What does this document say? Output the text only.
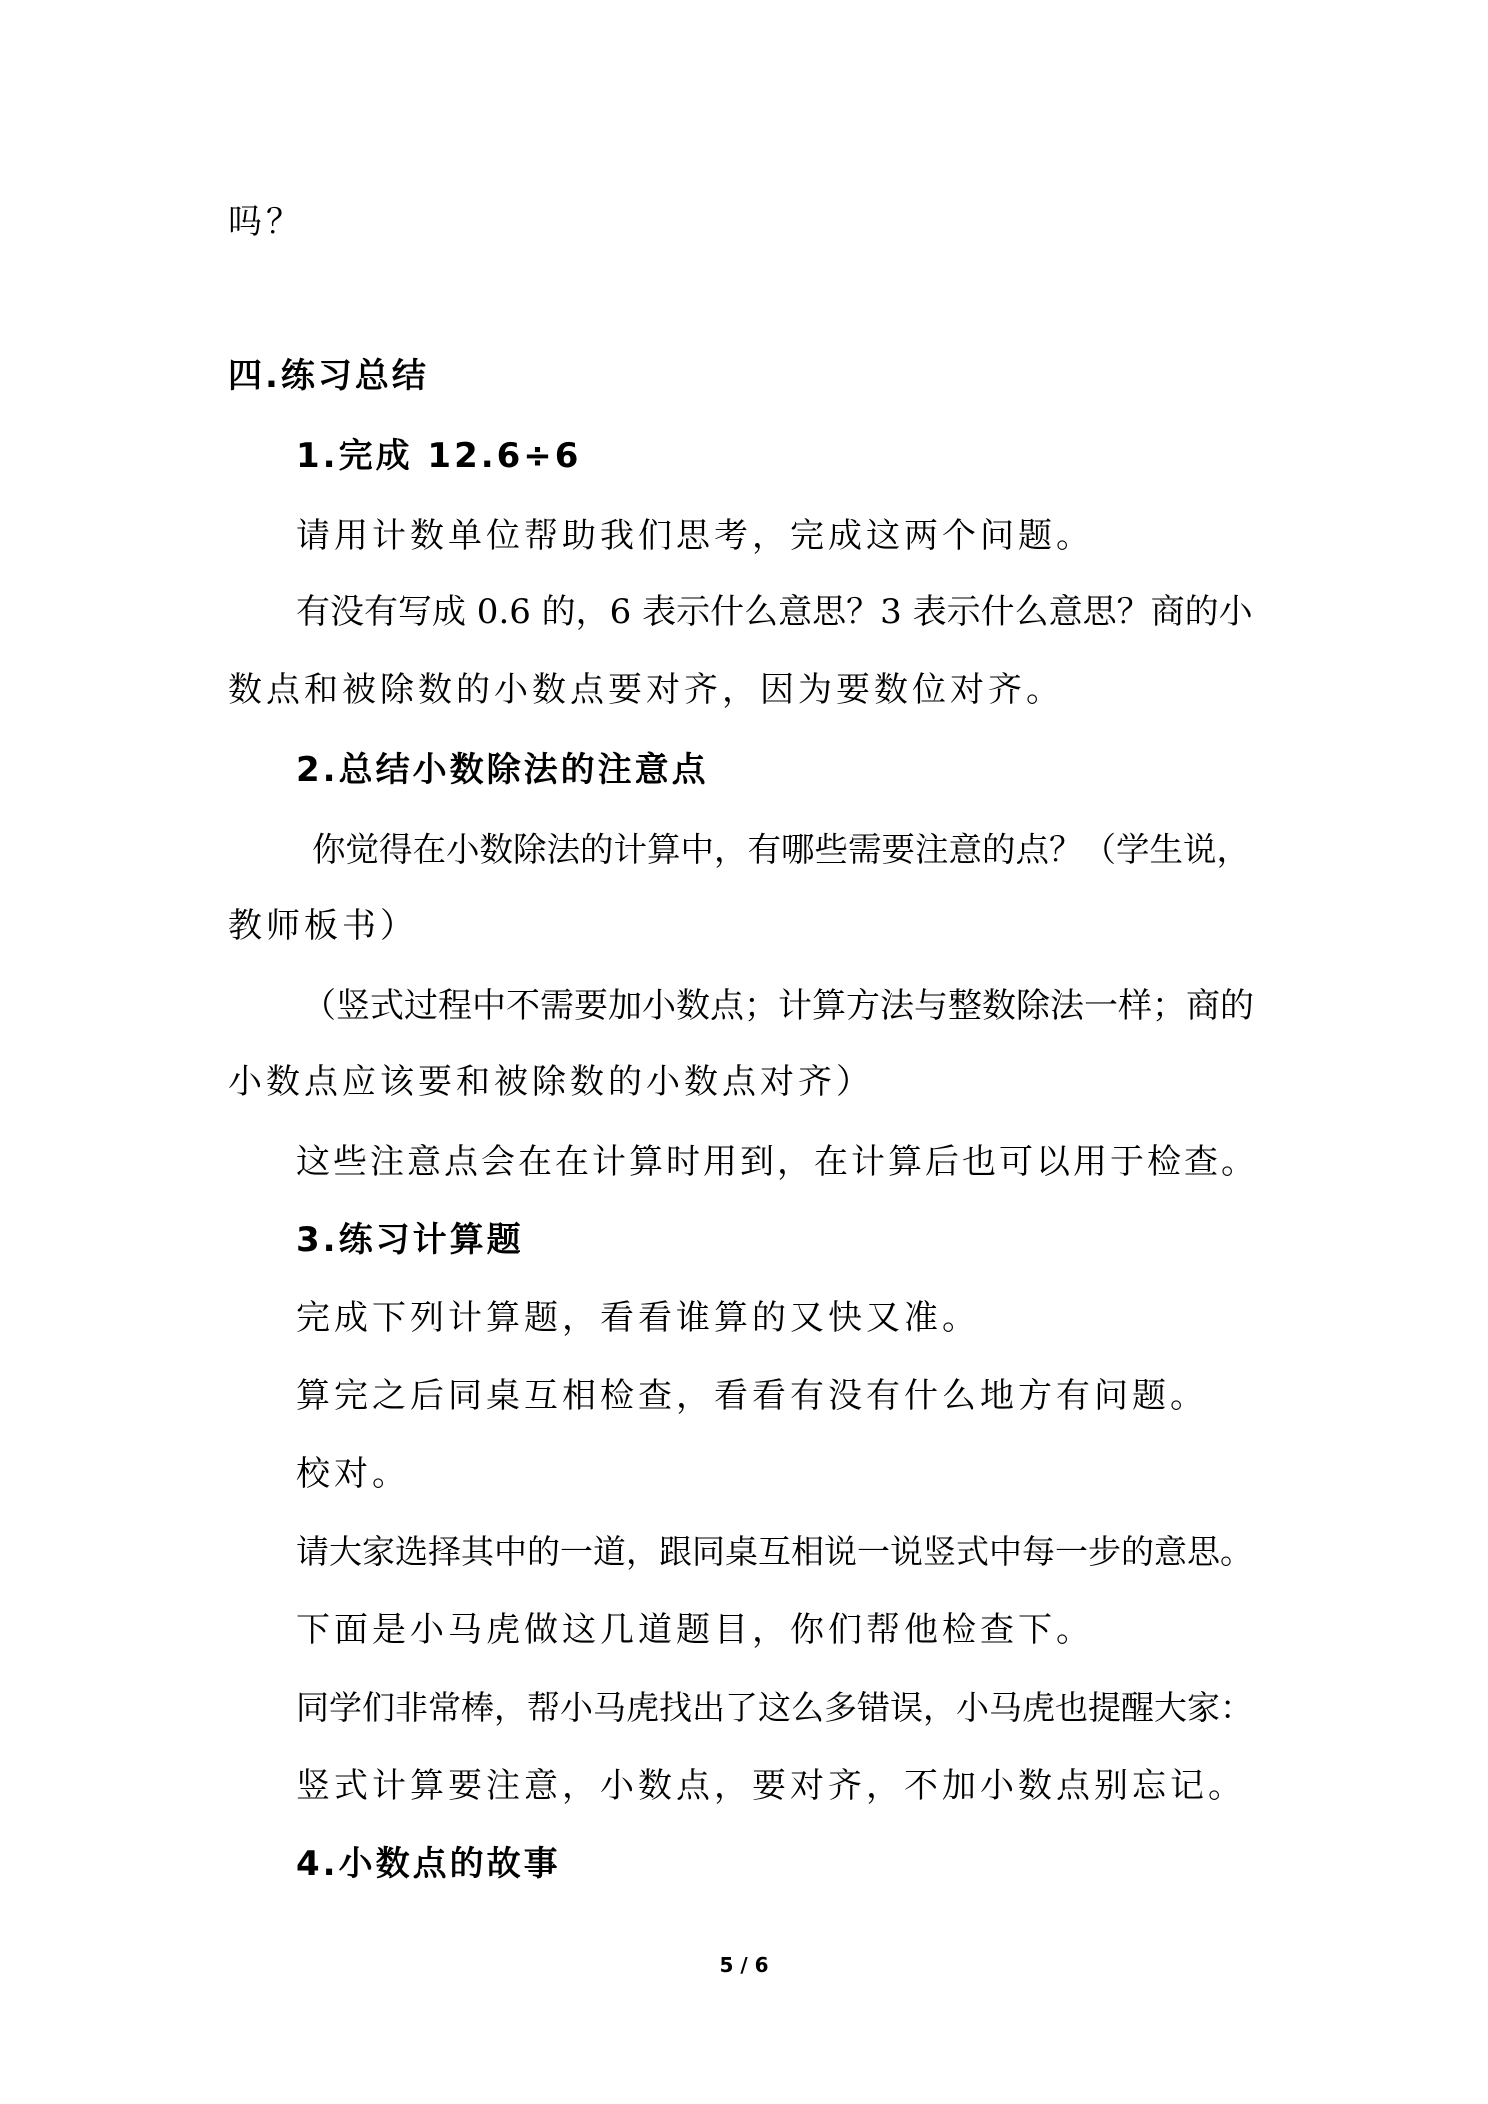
吗？
四.练习总结
1.完成 12.6÷6
请用计数单位帮助我们思考，完成这两个问题。
有没有写成 0.6 的，6 表示什么意思？3 表示什么意思？商的小
数点和被除数的小数点要对齐，因为要数位对齐。
2.总结小数除法的注意点
你觉得在小数除法的计算中，有哪些需要注意的点？（学生说，
教师板书）
（竖式过程中不需要加小数点；计算方法与整数除法一样；商的
小数点应该要和被除数的小数点对齐）
这些注意点会在在计算时用到，在计算后也可以用于检查。
3.练习计算题
完成下列计算题，看看谁算的又快又准。
算完之后同桌互相检查，看看有没有什么地方有问题。
校对。
请大家选择其中的一道，跟同桌互相说一说竖式中每一步的意思。
下面是小马虎做这几道题目，你们帮他检查下。
同学们非常棒，帮小马虎找出了这么多错误，小马虎也提醒大家：
竖式计算要注意，小数点，要对齐，不加小数点别忘记。
4.小数点的故事
5 / 6
